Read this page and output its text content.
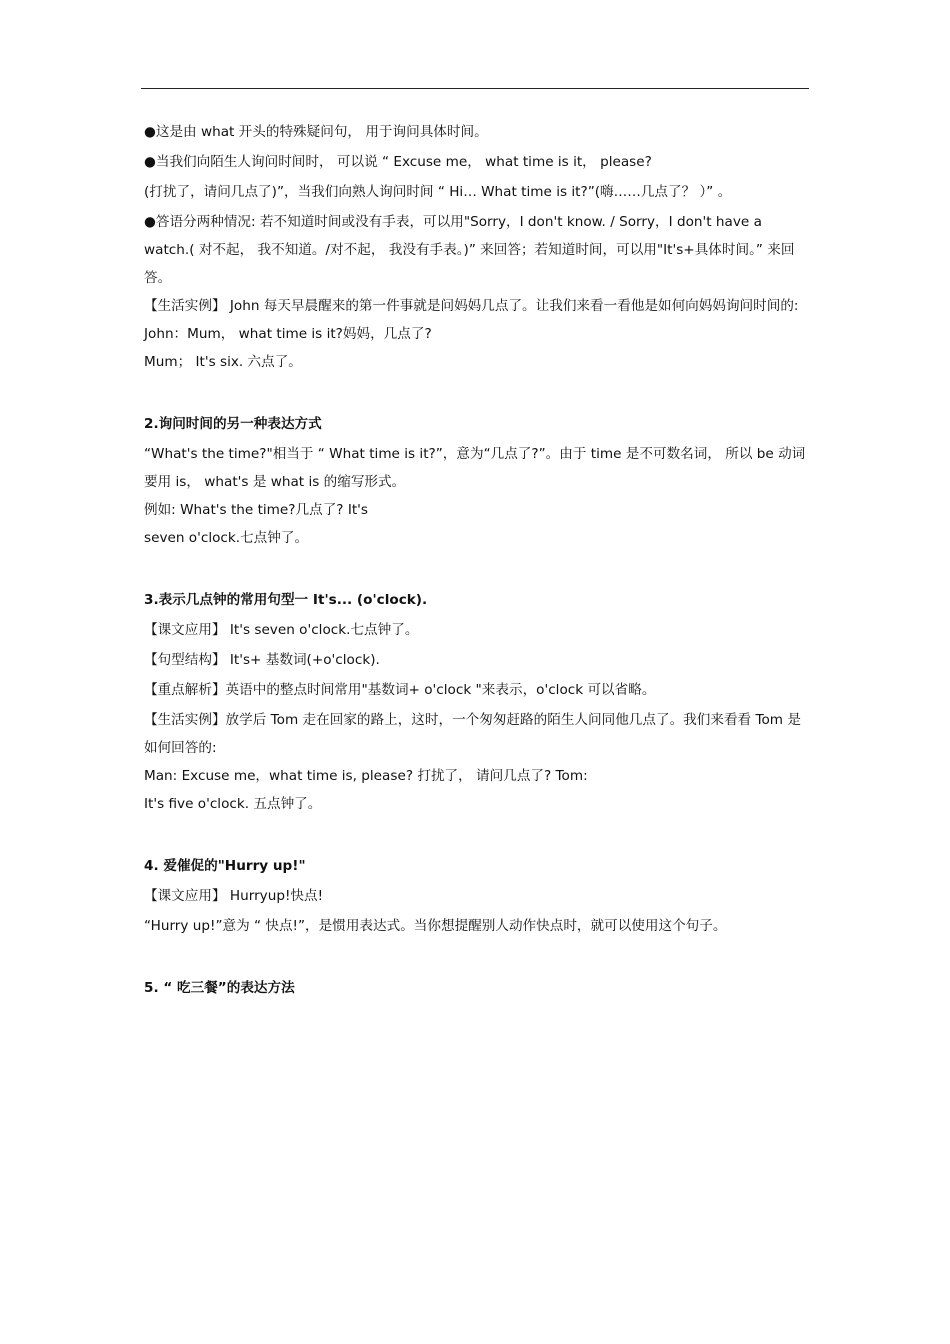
●这是由 what 开头的特殊疑问句， 用于询问具体时间。
●当我们向陌生人询问时间时， 可以说 “ Excuse me， what time is it， please?
(打扰了，请问几点了)”，当我们向熟人询问时间 “ Hi… What time is it?”(嗨……几点了？ ）” 。
●答语分两种情况: 若不知道时间或没有手表，可以用"Sorry，I don't know. / Sorry，I don't have a watch.( 对不起， 我不知道。/对不起， 我没有手表。)” 来回答；若知道时间，可以用"It's+具体时间。” 来回答。
【生活实例】 John 每天早晨醒来的第一件事就是问妈妈几点了。让我们来看一看他是如何向妈妈询问时间的:
John：Mum， what time is it?妈妈，几点了?
Mum； It's six. 六点了。
2.询问时间的另一种表达方式
“What's the time?"相当于 “ What time is it?”，意为“几点了?”。由于 time 是不可数名词， 所以 be 动词要用 is， what's 是 what is 的缩写形式。
例如: What's the time?几点了? It's
seven o'clock.七点钟了。
3.表示几点钟的常用句型一 It's... (o'clock).
【课文应用】 It's seven o'clock.七点钟了。
【句型结构】 It's+ 基数词(+o'clock).
【重点解析】英语中的整点时间常用"基数词+ o'clock "来表示，o'clock 可以省略。
【生活实例】放学后 Tom 走在回家的路上，这时，一个匆匆赶路的陌生人问同他几点了。我们来看看 Tom 是如何回答的:
Man: Excuse me，what time is, please? 打扰了， 请问几点了? Tom:
It's five o'clock. 五点钟了。
4. 爱催促的"Hurry up!"
【课文应用】 Hurryup!快点!
“Hurry up!”意为 “ 快点!”，是惯用表达式。当你想提醒别人动作快点时，就可以使用这个句子。
5. “ 吃三餐”的表达方法
